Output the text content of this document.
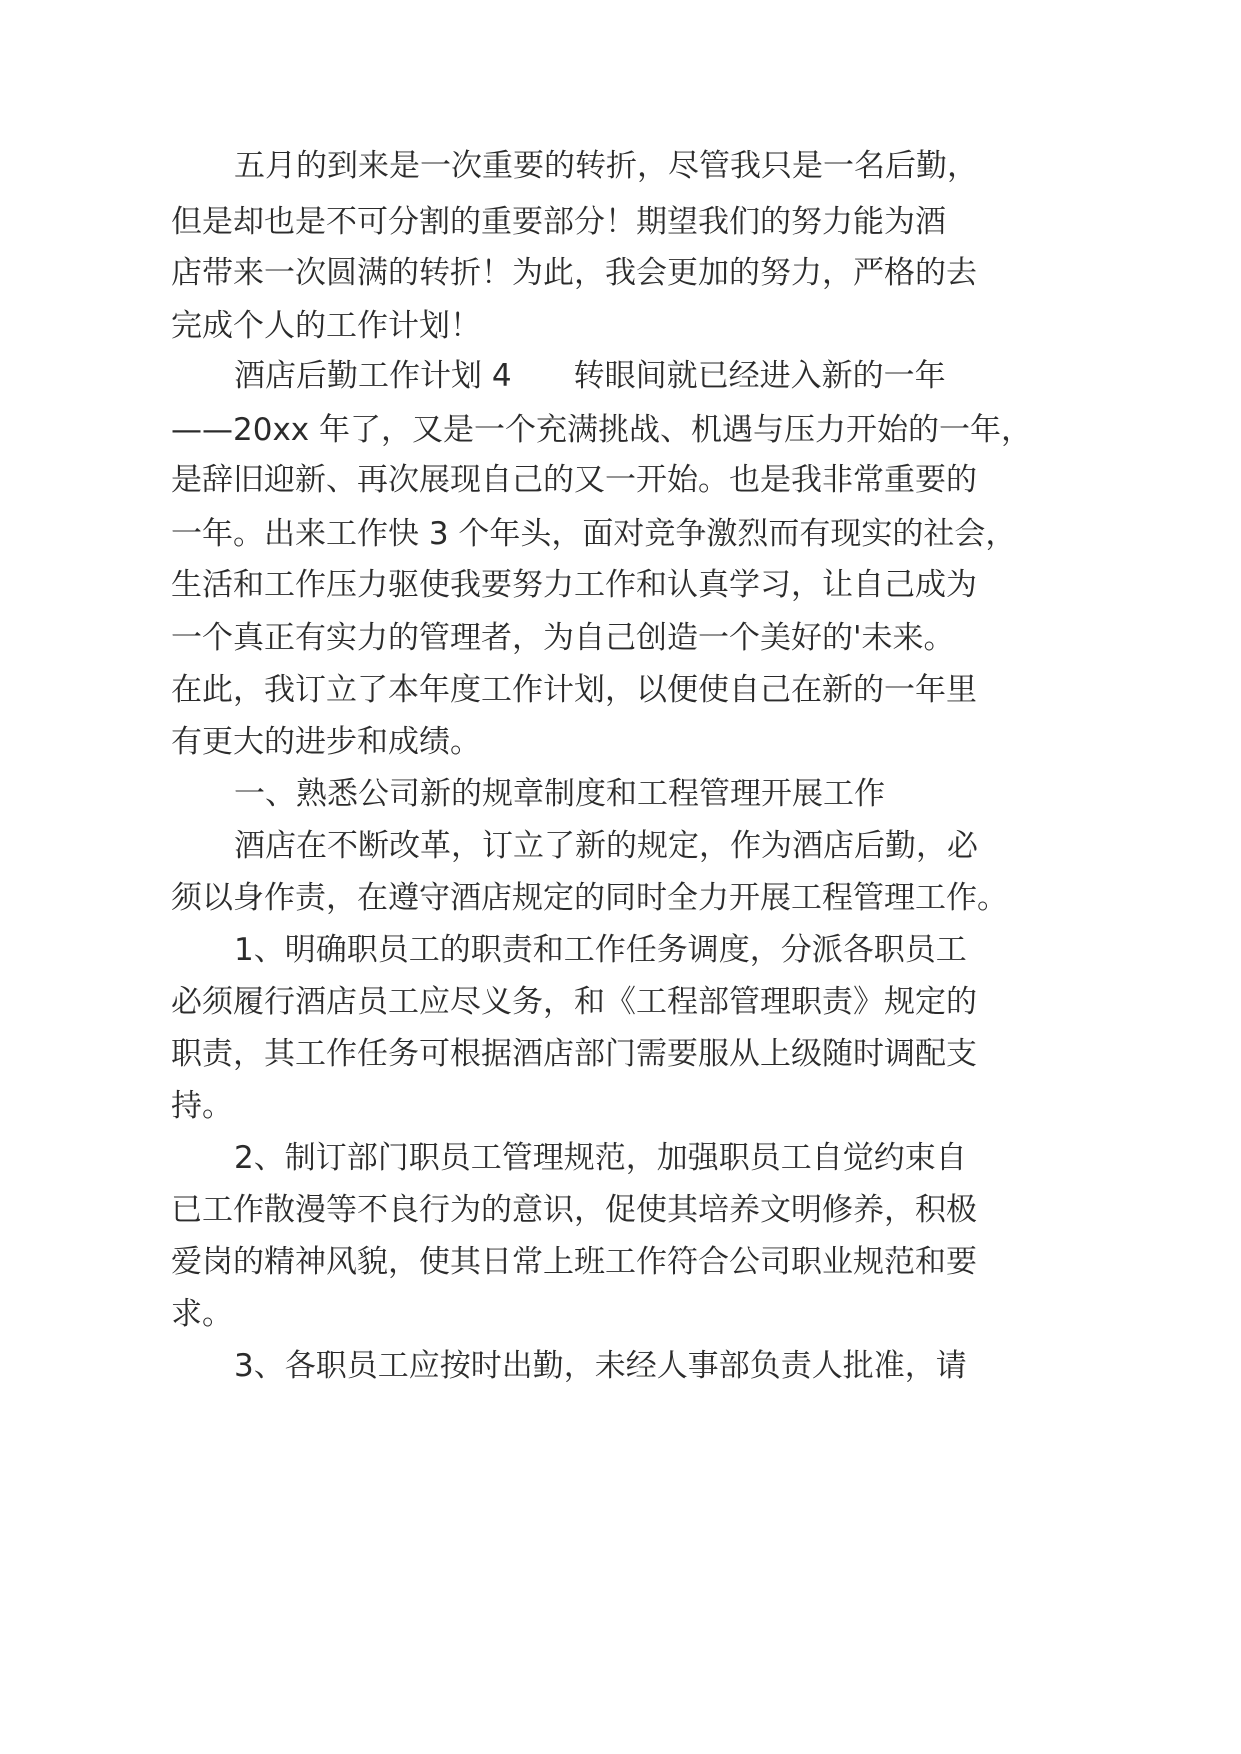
五月的到来是一次重要的转折，尽管我只是一名后勤，
但是却也是不可分割的重要部分！期望我们的努力能为酒
店带来一次圆满的转折！为此，我会更加的努力，严格的去
完成个人的工作计划！
酒店后勤工作计划 4　　转眼间就已经进入新的一年
——20xx 年了，又是一个充满挑战、机遇与压力开始的一年，
是辞旧迎新、再次展现自己的又一开始。也是我非常重要的
一年。出来工作快 3 个年头，面对竞争激烈而有现实的社会，
生活和工作压力驱使我要努力工作和认真学习，让自己成为
一个真正有实力的管理者，为自己创造一个美好的'未来。
在此，我订立了本年度工作计划，以便使自己在新的一年里
有更大的进步和成绩。
一、熟悉公司新的规章制度和工程管理开展工作
酒店在不断改革，订立了新的规定，作为酒店后勤，必
须以身作责，在遵守酒店规定的同时全力开展工程管理工作。
1、明确职员工的职责和工作任务调度，分派各职员工
必须履行酒店员工应尽义务，和《工程部管理职责》规定的
职责，其工作任务可根据酒店部门需要服从上级随时调配支
持。
2、制订部门职员工管理规范，加强职员工自觉约束自
已工作散漫等不良行为的意识，促使其培养文明修养，积极
爱岗的精神风貌，使其日常上班工作符合公司职业规范和要
求。
3、各职员工应按时出勤，未经人事部负责人批准，请
